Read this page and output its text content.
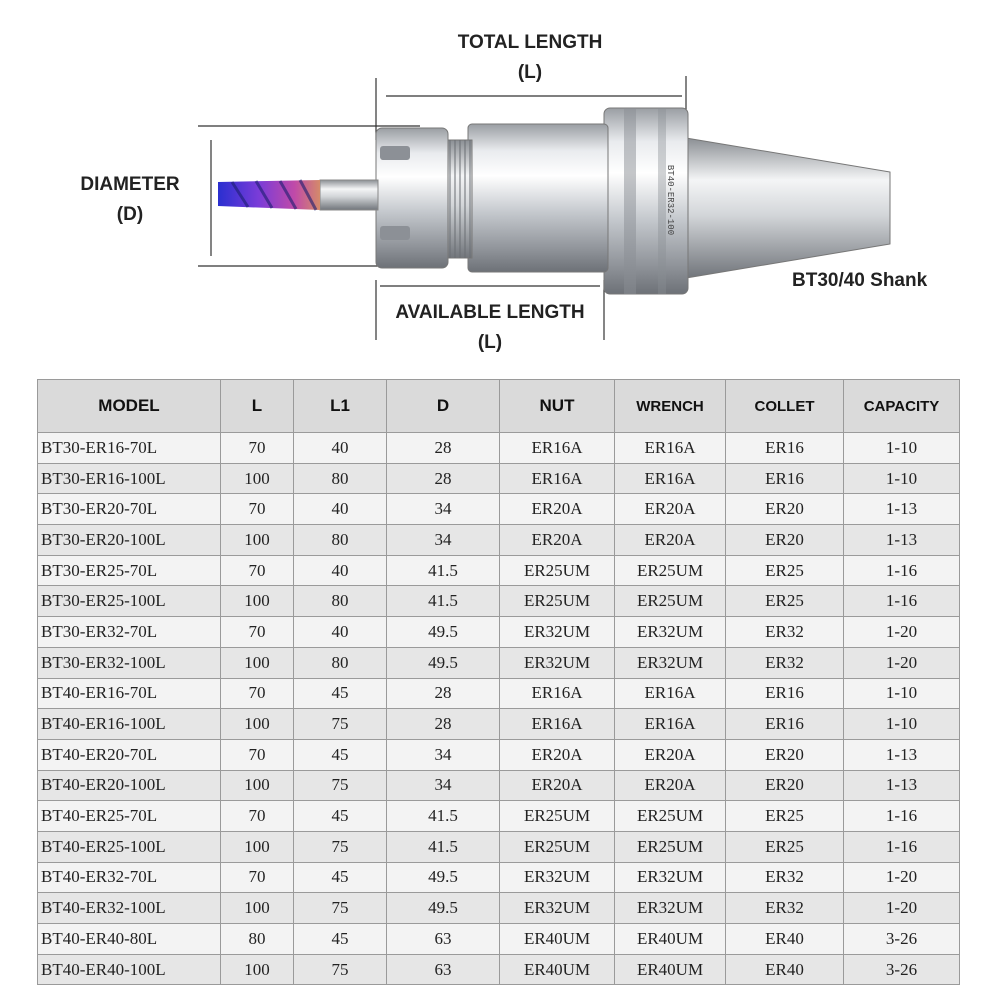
BT40-ER32-100
TOTAL LENGTH
(L)
DIAMETER
(D)
AVAILABLE LENGTH
(L)
BT30/40 Shank
MODEL	L	L1	D	NUT	WRENCH	COLLET	CAPACITY
BT30-ER16-70L	70	40	28	ER16A	ER16A	ER16	1-10
BT30-ER16-100L	100	80	28	ER16A	ER16A	ER16	1-10
BT30-ER20-70L	70	40	34	ER20A	ER20A	ER20	1-13
BT30-ER20-100L	100	80	34	ER20A	ER20A	ER20	1-13
BT30-ER25-70L	70	40	41.5	ER25UM	ER25UM	ER25	1-16
BT30-ER25-100L	100	80	41.5	ER25UM	ER25UM	ER25	1-16
BT30-ER32-70L	70	40	49.5	ER32UM	ER32UM	ER32	1-20
BT30-ER32-100L	100	80	49.5	ER32UM	ER32UM	ER32	1-20
BT40-ER16-70L	70	45	28	ER16A	ER16A	ER16	1-10
BT40-ER16-100L	100	75	28	ER16A	ER16A	ER16	1-10
BT40-ER20-70L	70	45	34	ER20A	ER20A	ER20	1-13
BT40-ER20-100L	100	75	34	ER20A	ER20A	ER20	1-13
BT40-ER25-70L	70	45	41.5	ER25UM	ER25UM	ER25	1-16
BT40-ER25-100L	100	75	41.5	ER25UM	ER25UM	ER25	1-16
BT40-ER32-70L	70	45	49.5	ER32UM	ER32UM	ER32	1-20
BT40-ER32-100L	100	75	49.5	ER32UM	ER32UM	ER32	1-20
BT40-ER40-80L	80	45	63	ER40UM	ER40UM	ER40	3-26
BT40-ER40-100L	100	75	63	ER40UM	ER40UM	ER40	3-26
